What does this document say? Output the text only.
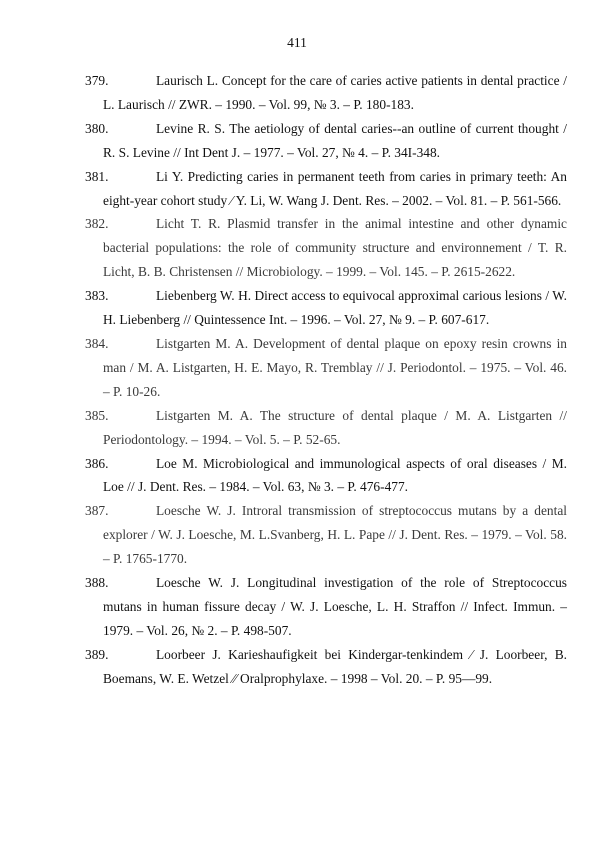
411
379.	Laurisch L. Concept for the care of caries active patients in dental practice / L. Laurisch // ZWR. – 1990. – Vol. 99, № 3. – P. 180-183.
380.	Levine R. S. The aetiology of dental caries--an outline of current thought / R. S. Levine // Int Dent J. – 1977. – Vol. 27, № 4. – P. 34I-348.
381.	Li Y. Predicting caries in permanent teeth from caries in primary teeth: An eight-year cohort study ⁄ Y. Li, W. Wang J. Dent. Res. – 2002. – Vol. 81. – P. 561-566.
382.	Licht T. R. Plasmid transfer in the animal intestine and other dynamic bacterial populations: the role of community structure and environnement / T. R. Licht, B. B. Christensen // Microbiology. – 1999. – Vol. 145. – P. 2615-2622.
383.	Liebenberg W. H. Direct access to equivocal approximal carious lesions / W. H. Liebenberg // Quintessence Int. – 1996. – Vol. 27, № 9. – P. 607-617.
384.	Listgarten M. A. Development of dental plaque on epoxy resin crowns in man / M. A. Listgarten, H. E. Mayo, R. Tremblay // J. Periodontol. – 1975. – Vol. 46. – P. 10-26.
385.	Listgarten M. A. The structure of dental plaque / M. A. Listgarten // Periodontology. – 1994. – Vol. 5. – P. 52-65.
386.	Loe M. Microbiological and immunological aspects of oral diseases / M. Loe // J. Dent. Res. – 1984. – Vol. 63, № 3. – P. 476-477.
387.	Loesche W. J. Introral transmission of streptococcus mutans by a dental explorer / W. J. Loesche, M. L.Svanberg, H. L. Pape // J. Dent. Res. – 1979. – Vol. 58. – P. 1765-1770.
388.	Loesche W. J. Longitudinal investigation of the role of Streptococcus mutans in human fissure decay / W. J. Loesche, L. H. Straffon // Infect. Immun. – 1979. – Vol. 26, № 2. – P. 498-507.
389.	Loorbeer J. Karieshaufigkeit bei Kindergar-tenkindem ⁄ J. Loorbeer, B. Boemans, W. E. Wetzel ⁄⁄ Oralprophylaxe. – 1998 – Vol. 20. – P. 95—99.
